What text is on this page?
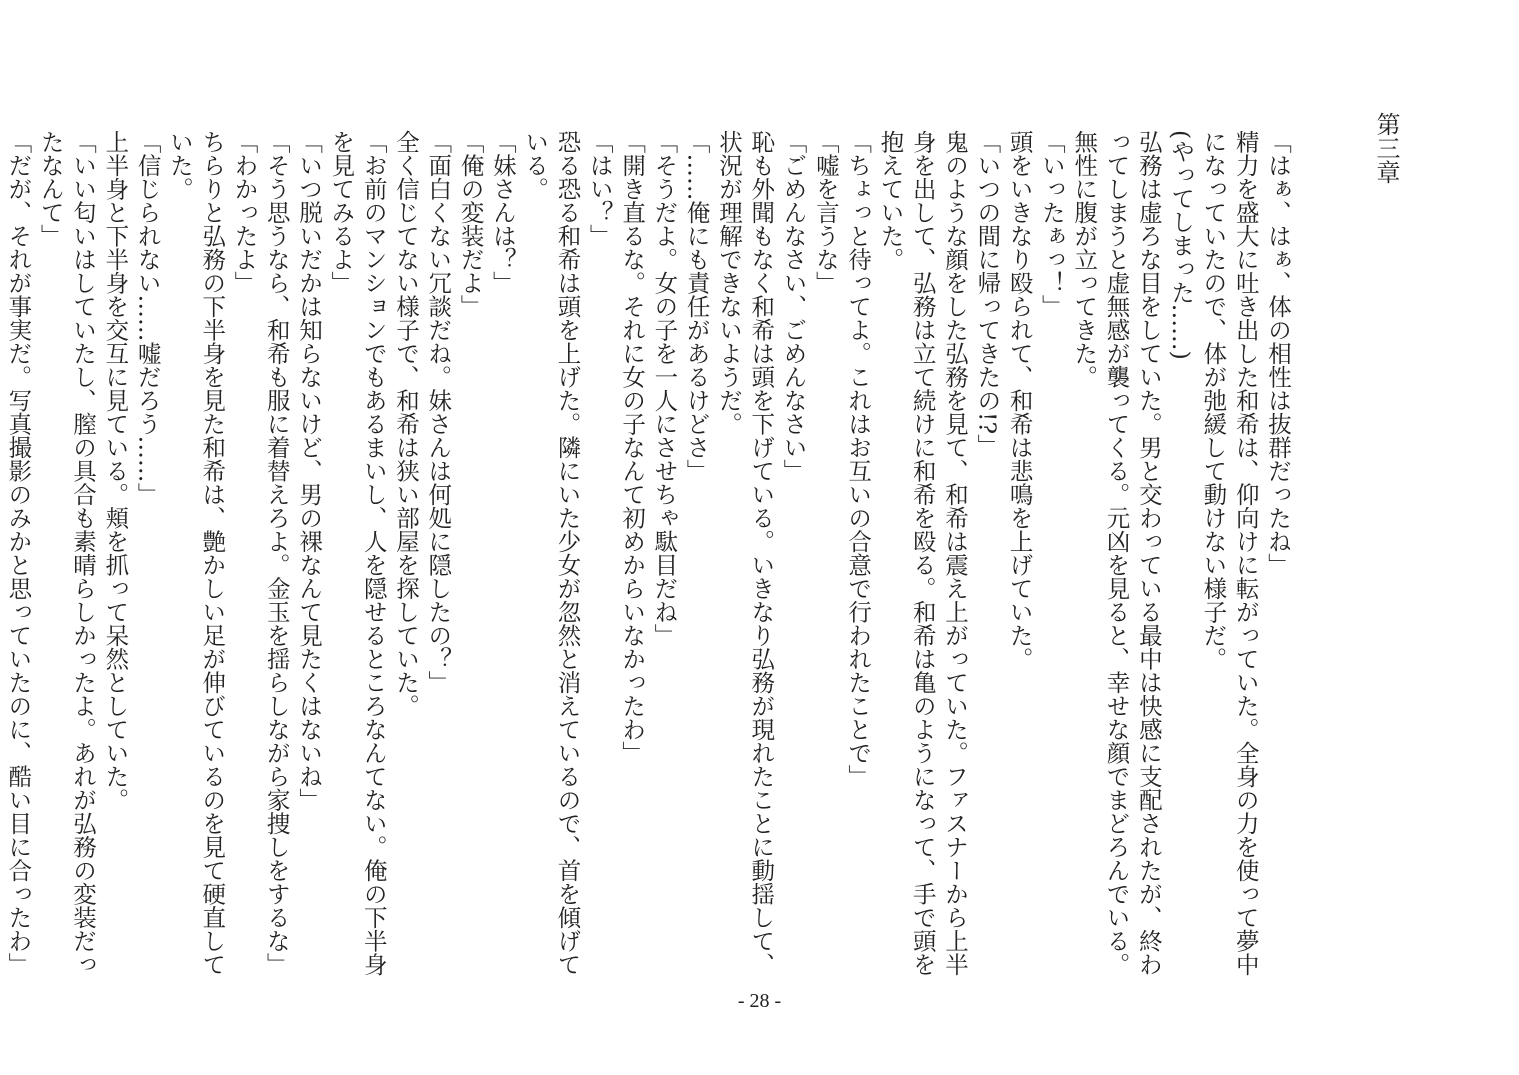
第三章

「はぁ、はぁ、体の相性は抜群だったね」

精力を盛大に吐き出した和希は、仰向けに転がっていた。全身の力を使って夢中になっていたので、体が弛緩して動けない様子だ。

(やってしまった……)

弘務は虚ろな目をしていた。男と交わっている最中は快感に支配されたが、終わってしまうと虚無感が襲ってくる。元凶を見ると、幸せな顔でまどろんでいる。無性に腹が立ってきた。

「いったぁっ！」

頭をいきなり殴られて、和希は悲鳴を上げていた。

「いつの間に帰ってきたの!?」

鬼のような顔をした弘務を見て、和希は震え上がっていた。ファスナーから上半身を出して、弘務は立て続けに和希を殴る。和希は亀のようになって、手で頭を抱えていた。

「ちょっと待ってよ。これはお互いの合意で行われたことで」

「嘘を言うな」

「ごめんなさい、ごめんなさい」

恥も外聞もなく和希は頭を下げている。いきなり弘務が現れたことに動揺して、状況が理解できないようだ。

「……俺にも責任があるけどさ」

「そうだよ。女の子を一人にさせちゃ駄目だね」

「開き直るな。それに女の子なんて初めからいなかったわ」

「はい？」

恐る恐る和希は頭を上げた。隣にいた少女が忽然と消えているので、首を傾げている。

「妹さんは？」

「俺の変装だよ」

「面白くない冗談だね。妹さんは何処に隠したの？」

全く信じてない様子で、和希は狭い部屋を探していた。

「お前のマンションでもあるまいし、人を隠せるところなんてない。俺の下半身を見てみるよ」

「いつ脱いだかは知らないけど、男の裸なんて見たくはないね」

「そう思うなら、和希も服に着替えろよ。金玉を揺らしながら家捜しをするな」

「わかったよ」

ちらりと弘務の下半身を見た和希は、艶かしい足が伸びているのを見て硬直していた。

「信じられない……嘘だろう……」

上半身と下半身を交互に見ている。頬を抓って呆然としていた。

「いい匂いはしていたし、膣の具合も素晴らしかったよ。あれが弘務の変装だったなんて」

「だが、それが事実だ。写真撮影のみかと思っていたのに、酷い目に合ったわ」

‐ 28 ‐
